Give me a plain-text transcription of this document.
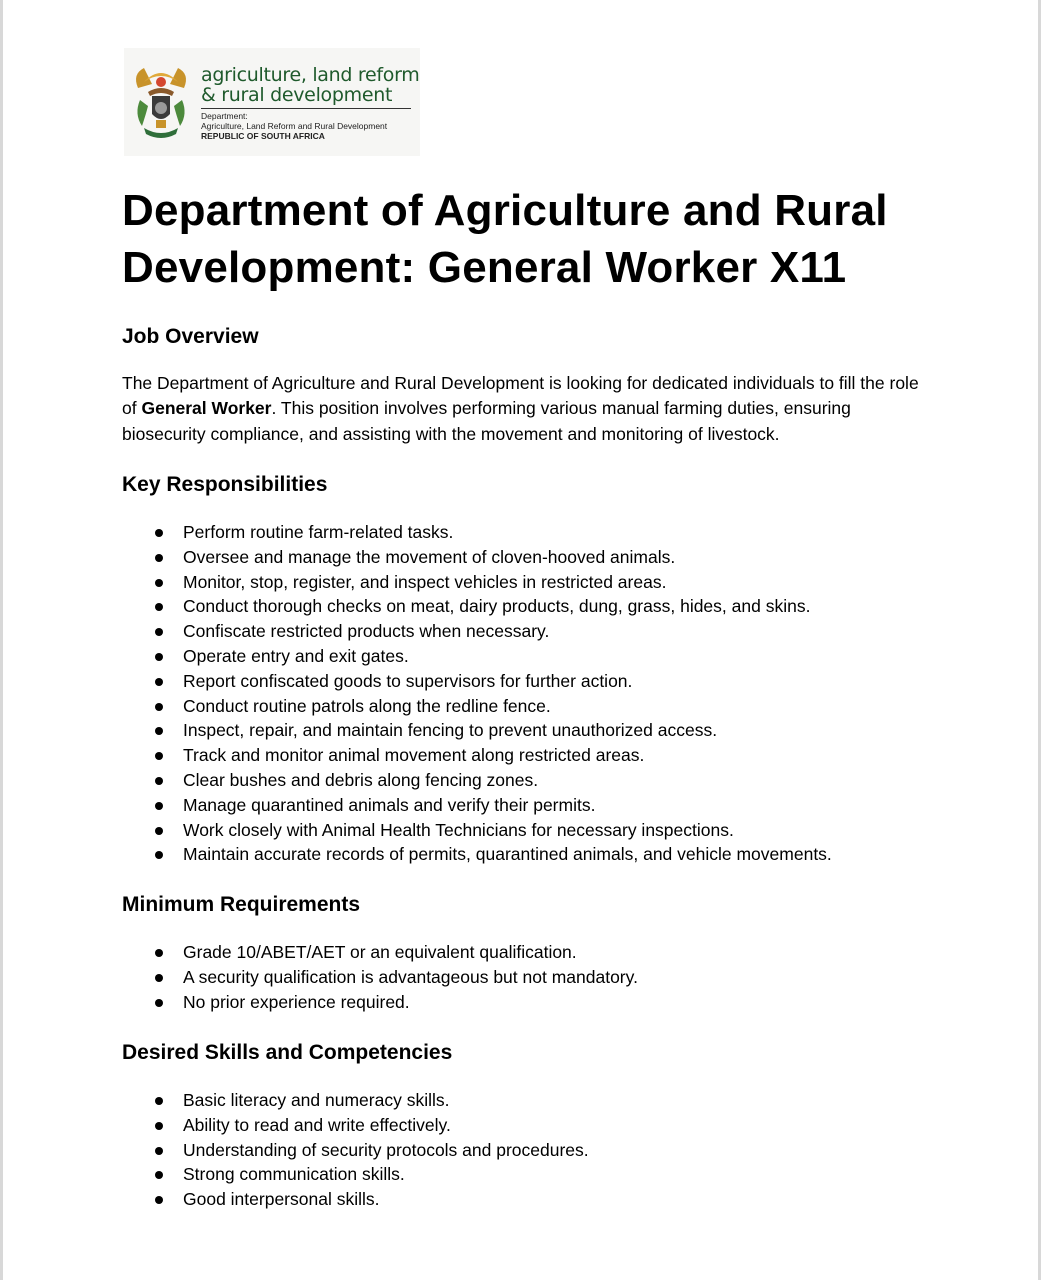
agriculture, land reform
& rural development
Department:
Agriculture, Land Reform and Rural Development
REPUBLIC OF SOUTH AFRICA
Department of Agriculture and Rural Development: General Worker X11
Job Overview

The Department of Agriculture and Rural Development is looking for dedicated individuals to fill the role of General Worker. This position involves performing various manual farming duties, ensuring biosecurity compliance, and assisting with the movement and monitoring of livestock.

Key Responsibilities
Perform routine farm-related tasks.
Oversee and manage the movement of cloven-hooved animals.
Monitor, stop, register, and inspect vehicles in restricted areas.
Conduct thorough checks on meat, dairy products, dung, grass, hides, and skins.
Confiscate restricted products when necessary.
Operate entry and exit gates.
Report confiscated goods to supervisors for further action.
Conduct routine patrols along the redline fence.
Inspect, repair, and maintain fencing to prevent unauthorized access.
Track and monitor animal movement along restricted areas.
Clear bushes and debris along fencing zones.
Manage quarantined animals and verify their permits.
Work closely with Animal Health Technicians for necessary inspections.
Maintain accurate records of permits, quarantined animals, and vehicle movements.
Minimum Requirements
Grade 10/ABET/AET or an equivalent qualification.
A security qualification is advantageous but not mandatory.
No prior experience required.
Desired Skills and Competencies
Basic literacy and numeracy skills.
Ability to read and write effectively.
Understanding of security protocols and procedures.
Strong communication skills.
Good interpersonal skills.
